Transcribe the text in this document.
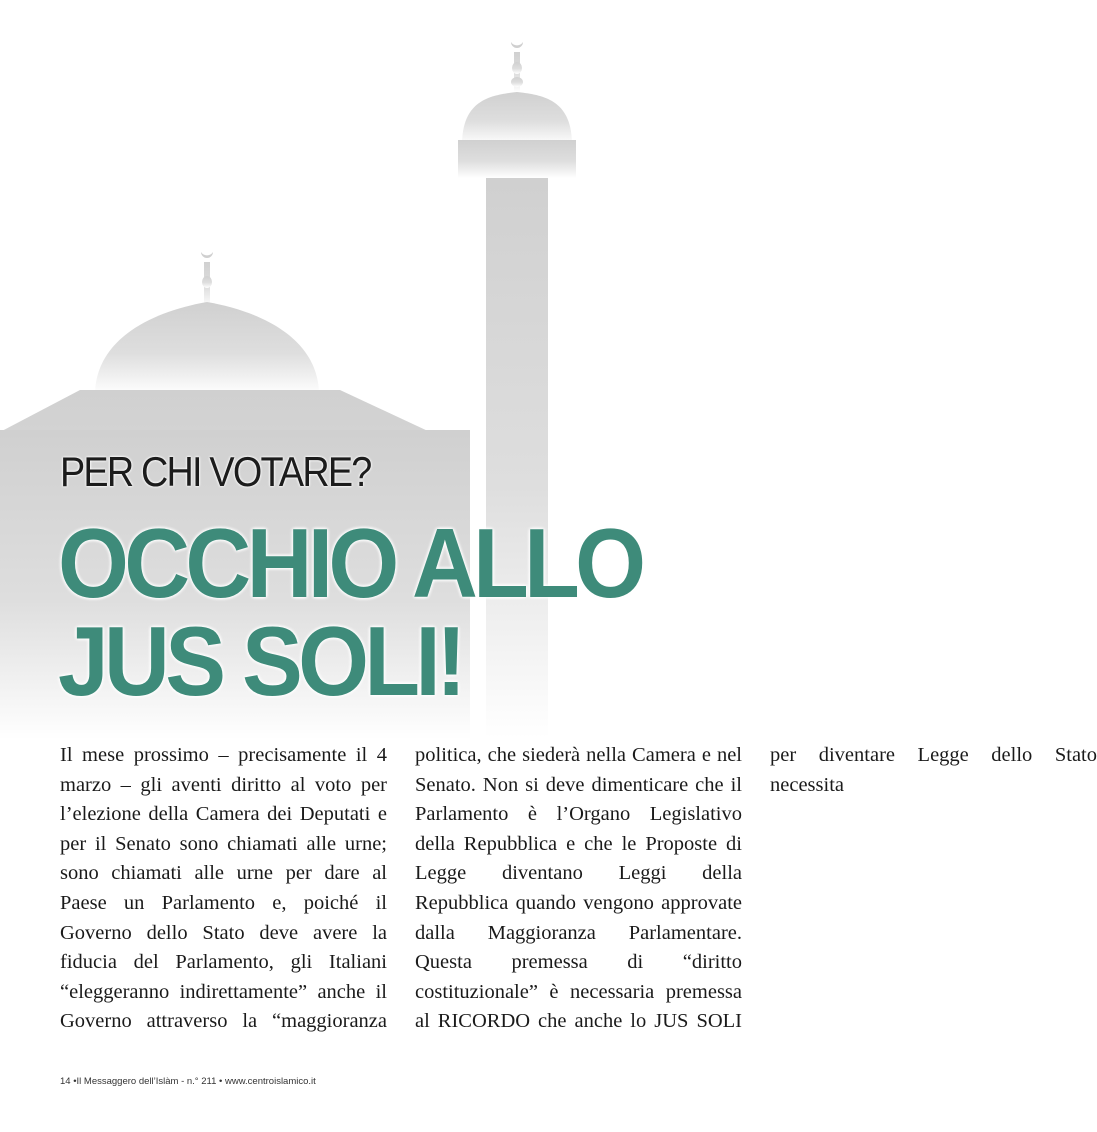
PER CHI VOTARE?
OCCHIO ALLO
JUS SOLI!

Il mese prossimo – precisamente il 4 marzo – gli aventi diritto al voto per l’elezione della Camera dei Deputati e per il Senato sono chiamati alle urne; sono chiamati alle urne per dare al Paese un Parlamento e, poiché il Governo dello Stato deve avere la fiducia del Parlamento, gli Italiani “eleggeranno indirettamente” anche il Governo attraverso la “maggioranza politica, che siederà nella Camera e nel Senato. Non si deve dimenticare che il Parlamento è l’Organo Legislativo della Repubblica e che le Proposte di Legge diventano Leggi della Repubblica quando vengono approvate dalla Maggioranza Parlamentare. Questa premessa di “diritto costituzionale” è necessaria premessa al RICORDO che anche lo JUS SOLI per diventare Legge dello Stato necessita

14 •Il Messaggero dell’Islàm - n.° 211 • www.centroislamico.it
